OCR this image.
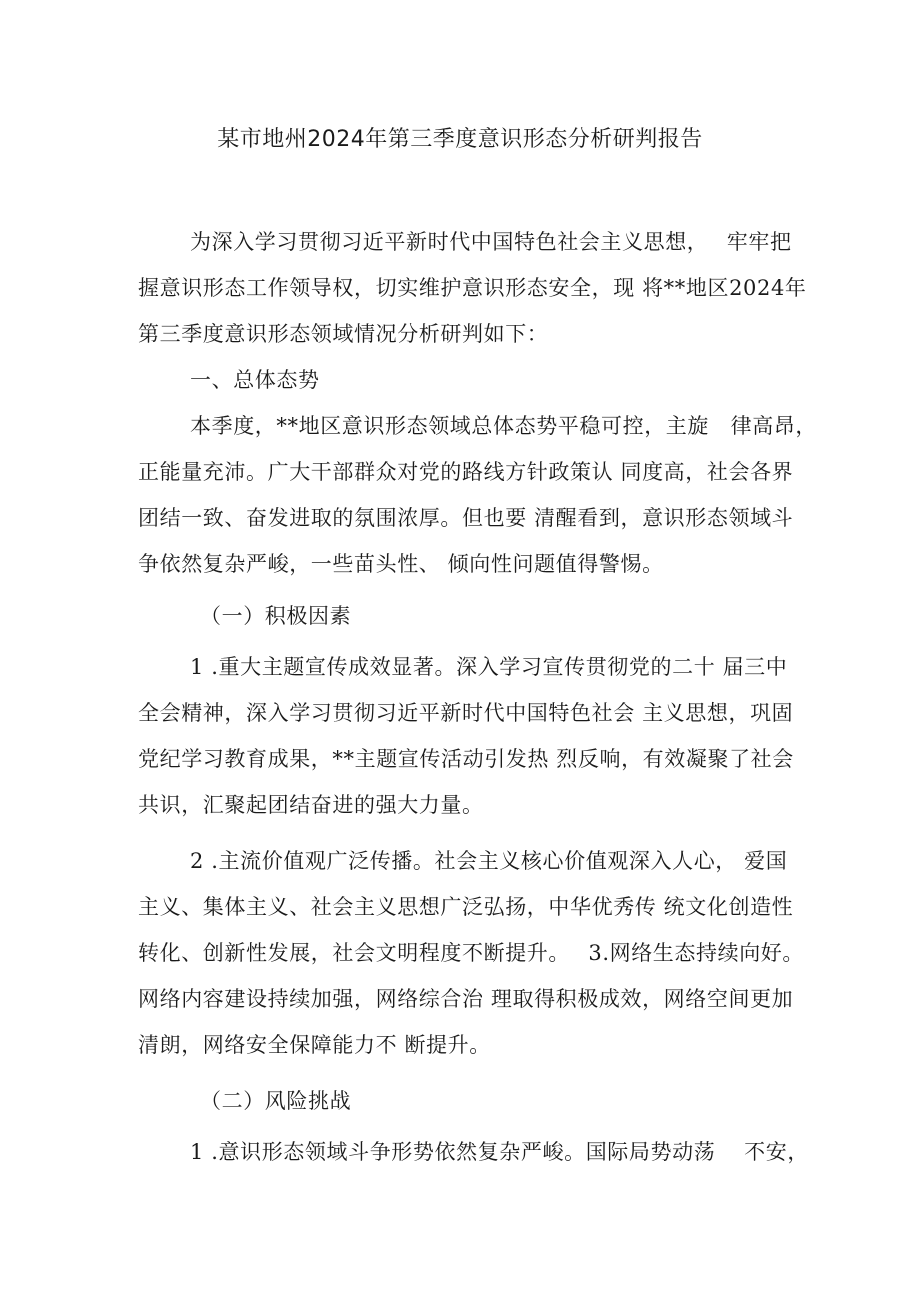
某市地州2024年第三季度意识形态分析研判报告
为深入学习贯彻习近平新时代中国特色社会主义思想，　 牢牢把
握意识形态工作领导权，切实维护意识形态安全，现 将**地区2024年
第三季度意识形态领域情况分析研判如下：
一、总体态势
本季度，**地区意识形态领域总体态势平稳可控，主旋　律高昂，
正能量充沛。广大干部群众对党的路线方针政策认 同度高，社会各界
团结一致、奋发进取的氛围浓厚。但也要 清醒看到，意识形态领域斗
争依然复杂严峻，一些苗头性、 倾向性问题值得警惕。
（一）积极因素
1 .重大主题宣传成效显著。深入学习宣传贯彻党的二十 届三中
全会精神，深入学习贯彻习近平新时代中国特色社会 主义思想，巩固
党纪学习教育成果，**主题宣传活动引发热 烈反响，有效凝聚了社会
共识，汇聚起团结奋进的强大力量。
2 .主流价值观广泛传播。社会主义核心价值观深入人心， 爱国
主义、集体主义、社会主义思想广泛弘扬，中华优秀传 统文化创造性
转化、创新性发展，社会文明程度不断提升。　 3.网络生态持续向好。
网络内容建设持续加强，网络综合治 理取得积极成效，网络空间更加
清朗，网络安全保障能力不 断提升。
（二）风险挑战
1 .意识形态领域斗争形势依然复杂严峻。国际局势动荡　 不安，
